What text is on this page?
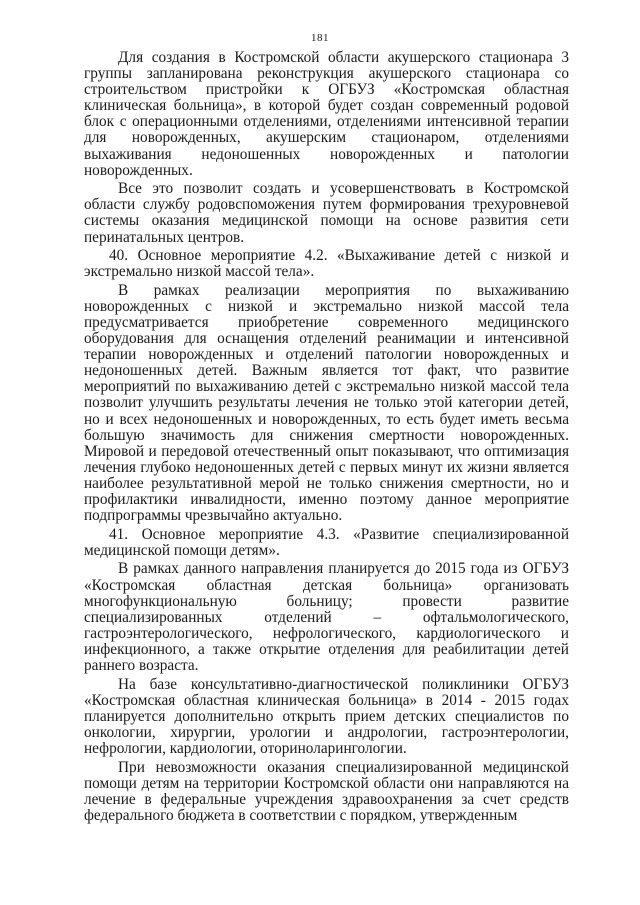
181

Для создания в Костромской области акушерского стационара 3 группы запланирована реконструкция акушерского стационара со строительством пристройки к ОГБУЗ «Костромская областная клиническая больница», в которой будет создан современный родовой блок с операционными отделениями, отделениями интенсивной терапии для новорожденных, акушерским стационаром, отделениями выхаживания недоношенных новорожденных и патологии новорожденных.

Все это позволит создать и усовершенствовать в Костромской области службу родовспоможения путем формирования трехуровневой системы оказания медицинской помощи на основе развития сети перинатальных центров.

40. Основное мероприятие 4.2. «Выхаживание детей с низкой и экстремально низкой массой тела».

В рамках реализации мероприятия по выхаживанию новорожденных с низкой и экстремально низкой массой тела предусматривается приобретение современного медицинского оборудования для оснащения отделений реанимации и интенсивной терапии новорожденных и отделений патологии новорожденных и недоношенных детей. Важным является тот факт, что развитие мероприятий по выхаживанию детей с экстремально низкой массой тела позволит улучшить результаты лечения не только этой категории детей, но и всех недоношенных и новорожденных, то есть будет иметь весьма большую значимость для снижения смертности новорожденных. Мировой и передовой отечественный опыт показывают, что оптимизация лечения глубоко недоношенных детей с первых минут их жизни является наиболее результативной мерой не только снижения смертности, но и профилактики инвалидности, именно поэтому данное мероприятие подпрограммы чрезвычайно актуально.

41. Основное мероприятие 4.3. «Развитие специализированной медицинской помощи детям».

В рамках данного направления планируется до 2015 года из ОГБУЗ «Костромская областная детская больница» организовать многофункциональную больницу; провести развитие специализированных отделений – офтальмологического, гастроэнтерологического, нефрологического, кардиологического и инфекционного, а также открытие отделения для реабилитации детей раннего возраста.

На базе консультативно-диагностической поликлиники ОГБУЗ «Костромская областная клиническая больница» в 2014 - 2015 годах планируется дополнительно открыть прием детских специалистов по онкологии, хирургии, урологии и андрологии, гастроэнтерологии, нефрологии, кардиологии, оториноларингологии.

При невозможности оказания специализированной медицинской помощи детям на территории Костромской области они направляются на лечение в федеральные учреждения здравоохранения за счет средств федерального бюджета в соответствии с порядком, утвержденным
